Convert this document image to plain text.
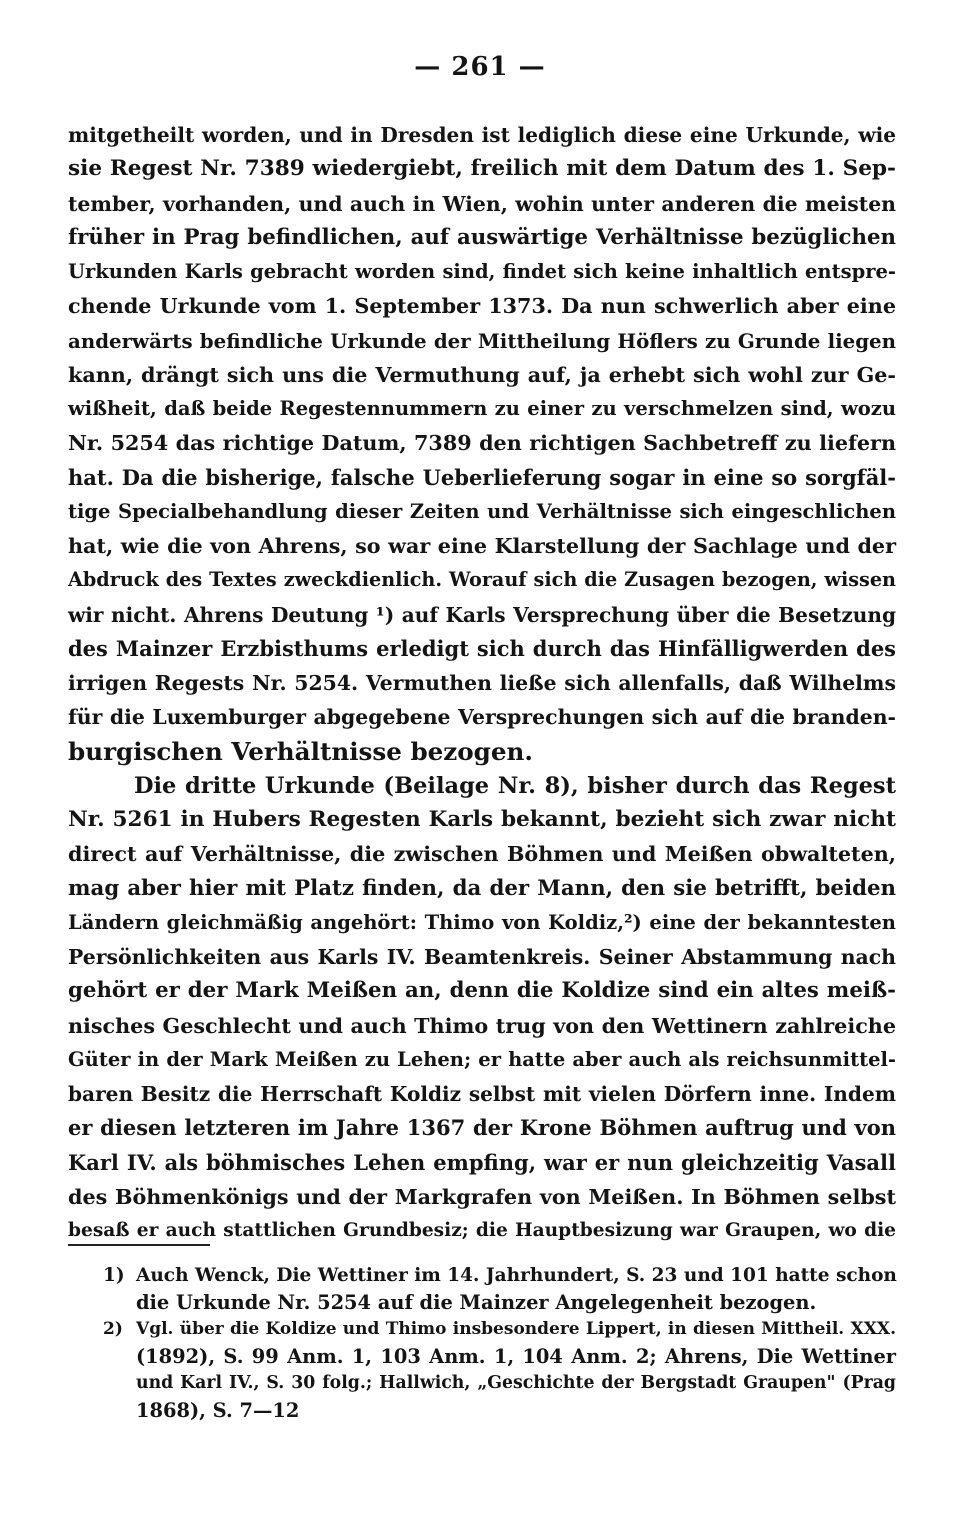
— 261 —
mitgetheilt worden, und in Dresden ist lediglich diese eine Urkunde, wie
sie Regest Nr. 7389 wiedergiebt, freilich mit dem Datum des 1. Sep-
tember, vorhanden, und auch in Wien, wohin unter anderen die meisten
früher in Prag befindlichen, auf auswärtige Verhältnisse bezüglichen
Urkunden Karls gebracht worden sind, findet sich keine inhaltlich entspre-
chende Urkunde vom 1. September 1373. Da nun schwerlich aber eine
anderwärts befindliche Urkunde der Mittheilung Höflers zu Grunde liegen
kann, drängt sich uns die Vermuthung auf, ja erhebt sich wohl zur Ge-
wißheit, daß beide Regestennummern zu einer zu verschmelzen sind, wozu
Nr. 5254 das richtige Datum, 7389 den richtigen Sachbetreff zu liefern
hat. Da die bisherige, falsche Ueberlieferung sogar in eine so sorgfäl-
tige Specialbehandlung dieser Zeiten und Verhältnisse sich eingeschlichen
hat, wie die von Ahrens, so war eine Klarstellung der Sachlage und der
Abdruck des Textes zweckdienlich. Worauf sich die Zusagen bezogen, wissen
wir nicht. Ahrens Deutung ¹) auf Karls Versprechung über die Besetzung
des Mainzer Erzbisthums erledigt sich durch das Hinfälligwerden des
irrigen Regests Nr. 5254. Vermuthen ließe sich allenfalls, daß Wilhelms
für die Luxemburger abgegebene Versprechungen sich auf die branden-
burgischen Verhältnisse bezogen.
Die dritte Urkunde (Beilage Nr. 8), bisher durch das Regest
Nr. 5261 in Hubers Regesten Karls bekannt, bezieht sich zwar nicht
direct auf Verhältnisse, die zwischen Böhmen und Meißen obwalteten,
mag aber hier mit Platz finden, da der Mann, den sie betrifft, beiden
Ländern gleichmäßig angehört: Thimo von Koldiz,²) eine der bekanntesten
Persönlichkeiten aus Karls IV. Beamtenkreis. Seiner Abstammung nach
gehört er der Mark Meißen an, denn die Koldize sind ein altes meiß-
nisches Geschlecht und auch Thimo trug von den Wettinern zahlreiche
Güter in der Mark Meißen zu Lehen; er hatte aber auch als reichsunmittel-
baren Besitz die Herrschaft Koldiz selbst mit vielen Dörfern inne. Indem
er diesen letzteren im Jahre 1367 der Krone Böhmen auftrug und von
Karl IV. als böhmisches Lehen empfing, war er nun gleichzeitig Vasall
des Böhmenkönigs und der Markgrafen von Meißen. In Böhmen selbst
besaß er auch stattlichen Grundbesiz; die Hauptbesizung war Graupen, wo die
1) Auch Wenck, Die Wettiner im 14. Jahrhundert, S. 23 und 101 hatte schon
die Urkunde Nr. 5254 auf die Mainzer Angelegenheit bezogen.
2) Vgl. über die Koldize und Thimo insbesondere Lippert, in diesen Mittheil. XXX.
(1892), S. 99 Anm. 1, 103 Anm. 1, 104 Anm. 2; Ahrens, Die Wettiner
und Karl IV., S. 30 folg.; Hallwich, „Geschichte der Bergstadt Graupen" (Prag
1868), S. 7—12
